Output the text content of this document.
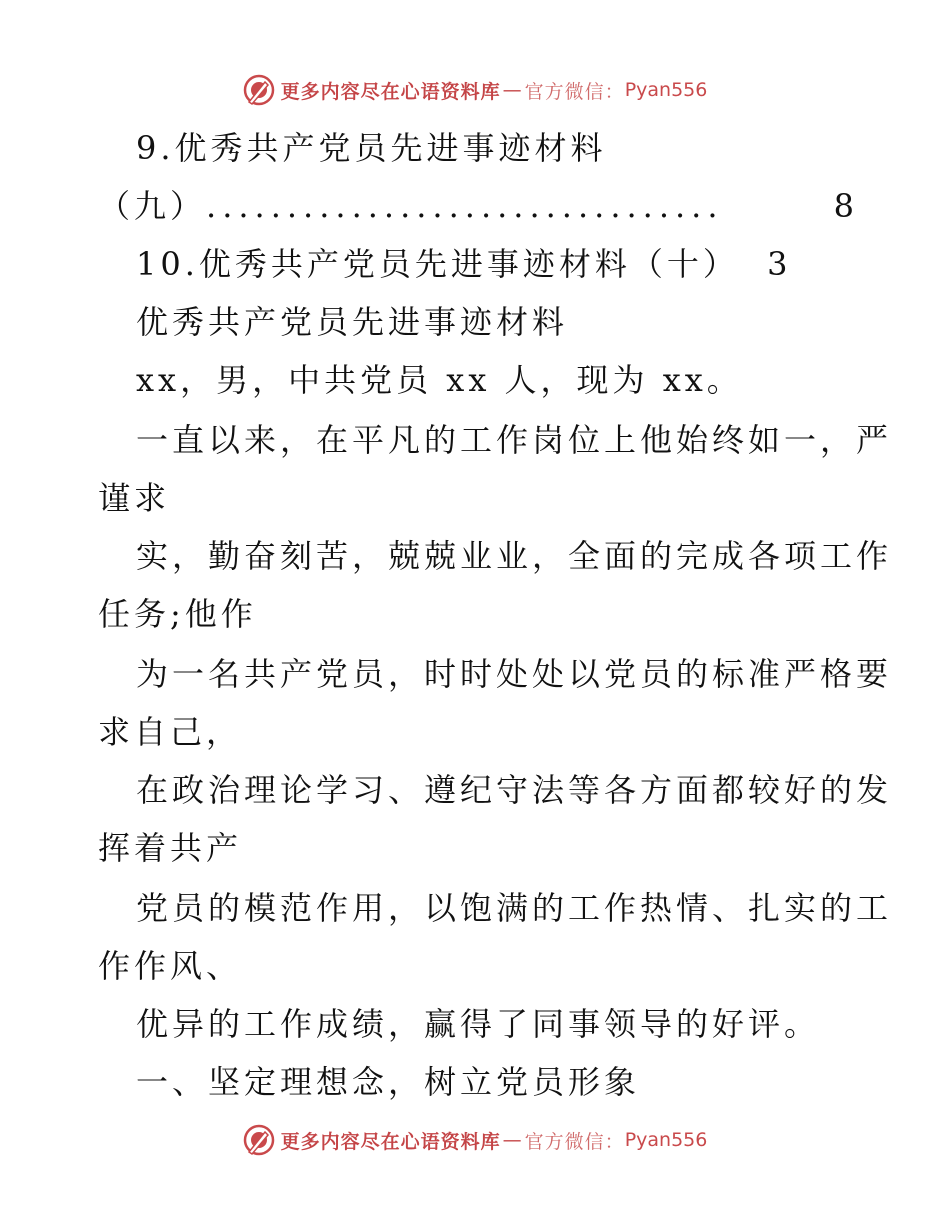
更多内容尽在心语资料库 — 官方微信： Pyan556
9.优秀共产党员先进事迹材料
（九） ................................	8
10.优秀共产党员先进事迹材料（十） 3
优秀共产党员先进事迹材料
xx，男，中共党员 xx 人，现为 xx。
一直以来，在平凡的工作岗位上他始终如一，严
谨求
实，勤奋刻苦，兢兢业业，全面的完成各项工作
任务;他作
为一名共产党员，时时处处以党员的标准严格要
求自己，
在政治理论学习、遵纪守法等各方面都较好的发
挥着共产
党员的模范作用，以饱满的工作热情、扎实的工
作作风、
优异的工作成绩，赢得了同事领导的好评。
一、坚定理想念，树立党员形象
更多内容尽在心语资料库 — 官方微信： Pyan556
